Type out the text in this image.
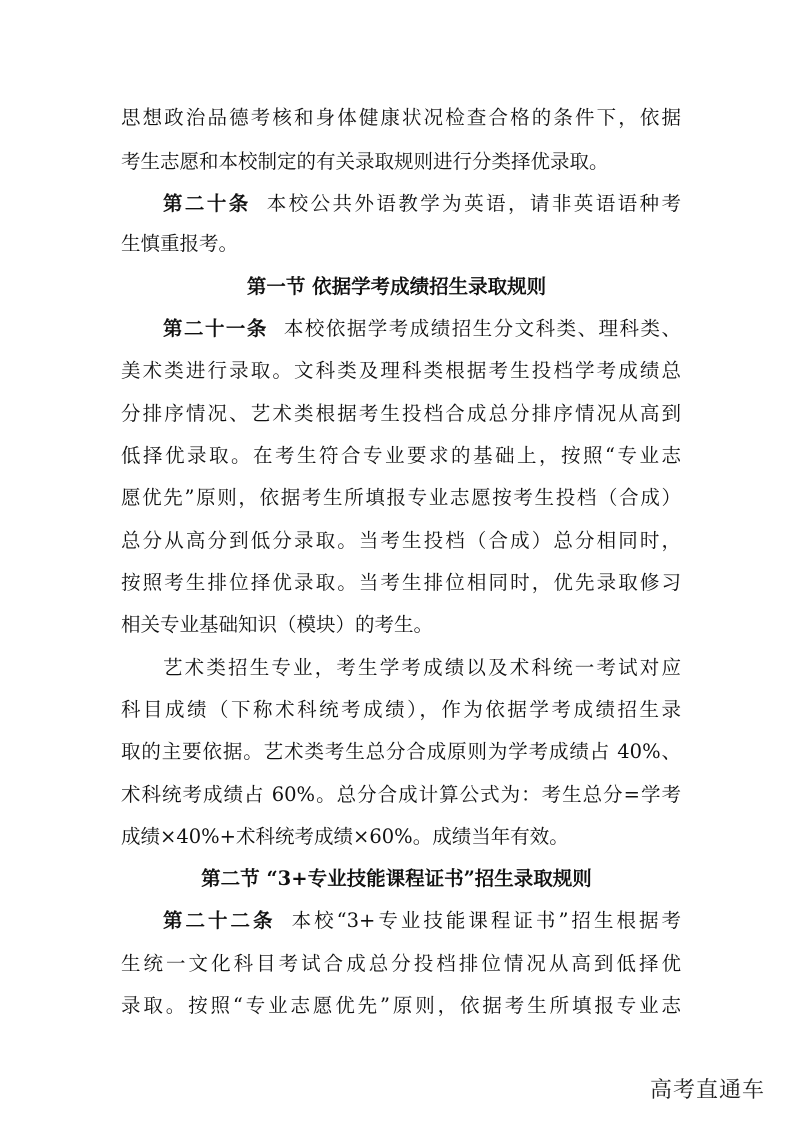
思想政治品德考核和身体健康状况检查合格的条件下，依据
考生志愿和本校制定的有关录取规则进行分类择优录取。
第二十条 本校公共外语教学为英语，请非英语语种考
生慎重报考。
第一节 依据学考成绩招生录取规则
第二十一条 本校依据学考成绩招生分文科类、理科类、
美术类进行录取。文科类及理科类根据考生投档学考成绩总
分排序情况、艺术类根据考生投档合成总分排序情况从高到
低择优录取。在考生符合专业要求的基础上，按照“专业志
愿优先”原则，依据考生所填报专业志愿按考生投档（合成）
总分从高分到低分录取。当考生投档（合成）总分相同时，
按照考生排位择优录取。当考生排位相同时，优先录取修习
相关专业基础知识（模块）的考生。
艺术类招生专业，考生学考成绩以及术科统一考试对应
科目成绩（下称术科统考成绩），作为依据学考成绩招生录
取的主要依据。艺术类考生总分合成原则为学考成绩占 40%、
术科统考成绩占 60%。总分合成计算公式为：考生总分=学考
成绩×40%+术科统考成绩×60%。成绩当年有效。
第二节 “3+专业技能课程证书”招生录取规则
第二十二条 本校“3+专业技能课程证书”招生根据考
生统一文化科目考试合成总分投档排位情况从高到低择优
录取。按照“专业志愿优先”原则，依据考生所填报专业志
高考直通车
